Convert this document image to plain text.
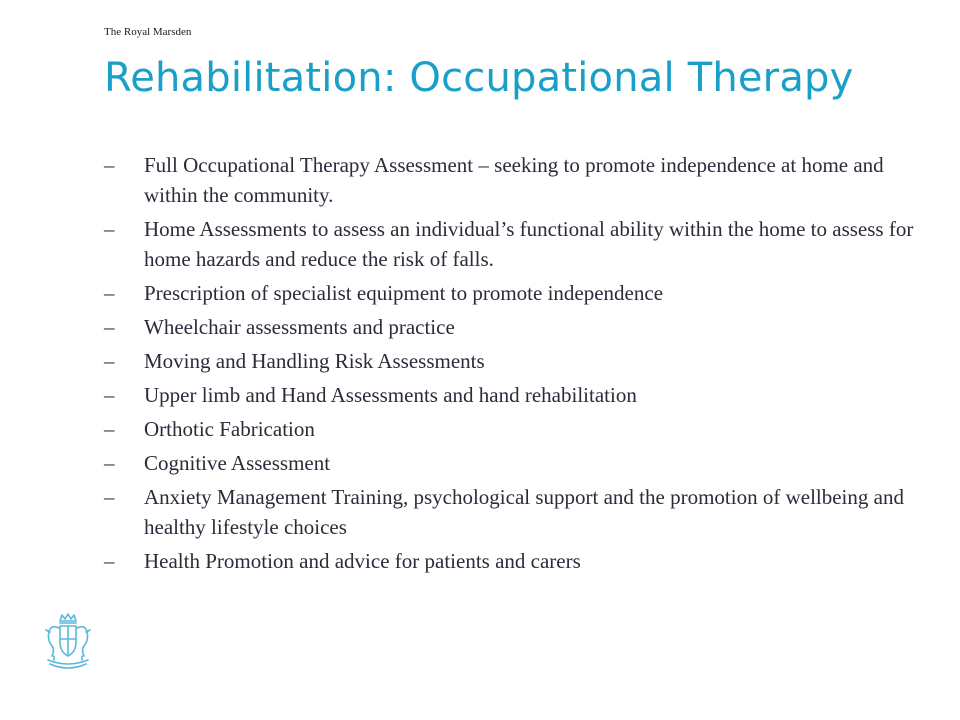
The Royal Marsden
Rehabilitation: Occupational Therapy
– Full Occupational Therapy Assessment – seeking to promote independence at home and within the community.
– Home Assessments to assess an individual’s functional ability within the home to assess for home hazards and reduce the risk of falls.
– Prescription of specialist equipment to promote independence
– Wheelchair assessments and practice
– Moving and Handling Risk Assessments
– Upper limb and Hand Assessments and hand rehabilitation
– Orthotic Fabrication
– Cognitive Assessment
– Anxiety Management Training, psychological support and the promotion of wellbeing and healthy lifestyle choices
– Health Promotion and advice for patients and carers
